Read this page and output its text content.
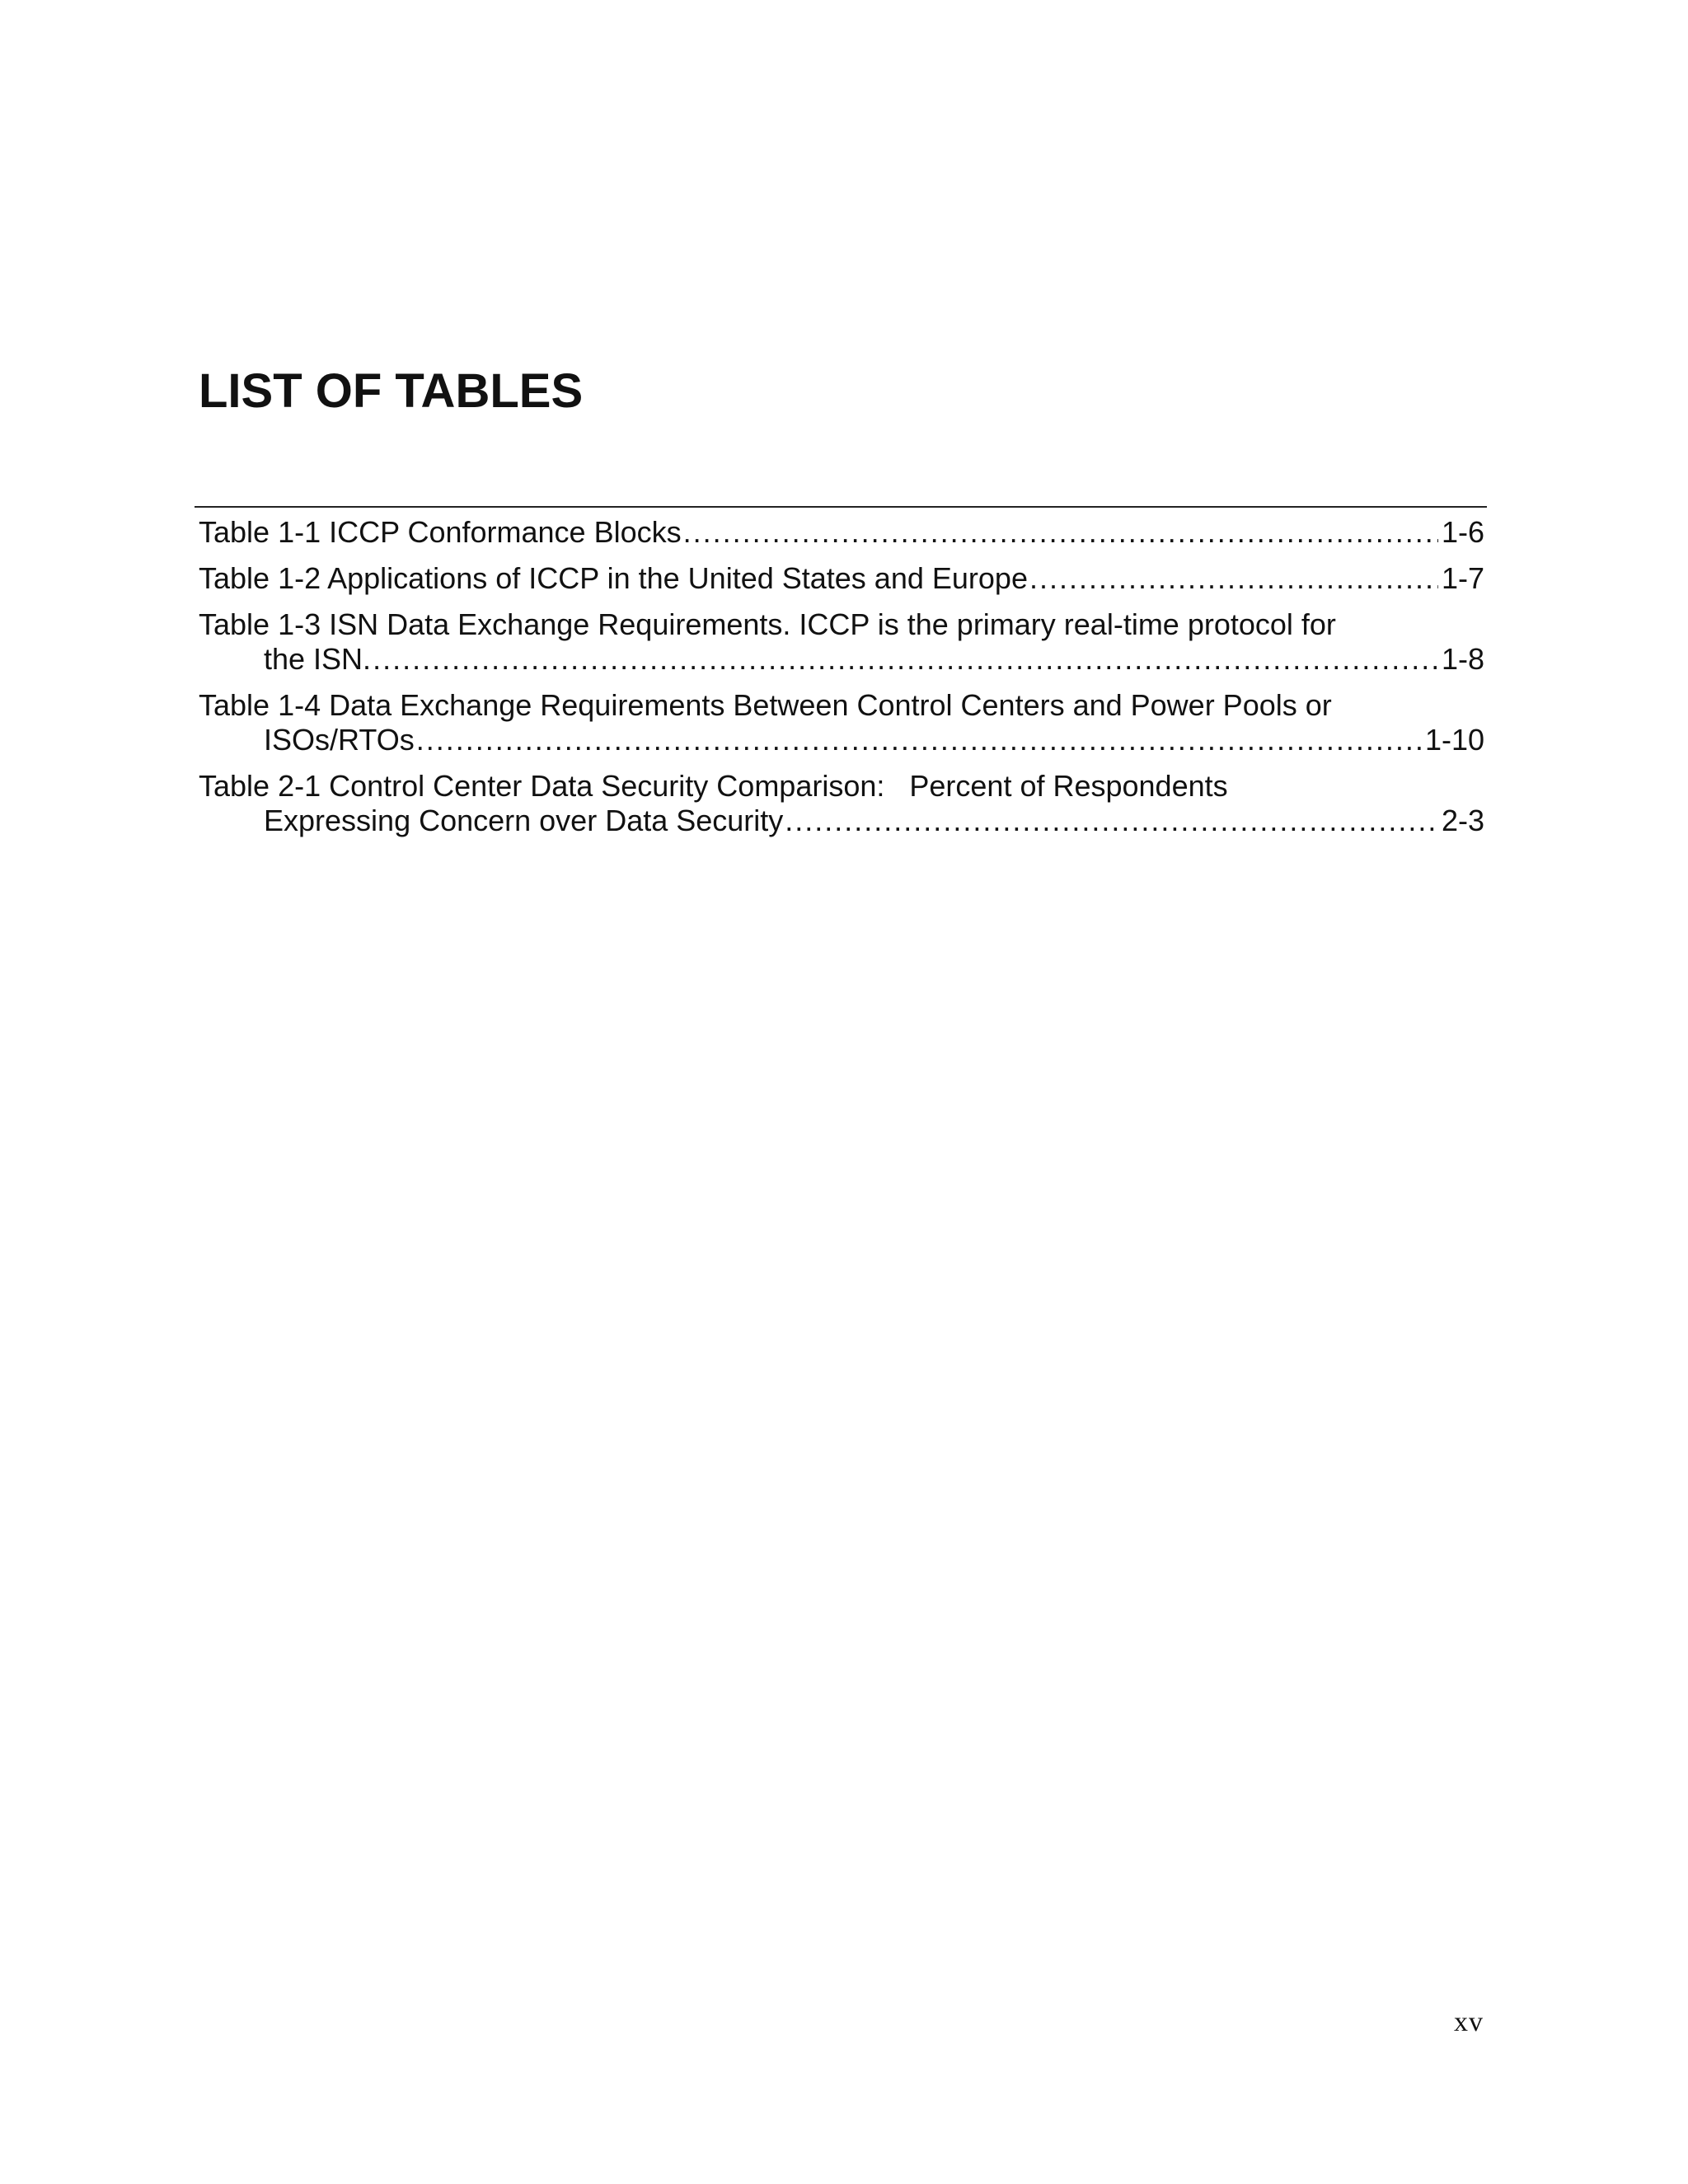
LIST OF TABLES
Table 1-1 ICCP Conformance Blocks .....	1-6
Table 1-2 Applications of ICCP in the United States and Europe .....	1-7
Table 1-3 ISN Data Exchange Requirements. ICCP is the primary real-time protocol for
the ISN. .....	1-8
Table 1-4 Data Exchange Requirements Between Control Centers and Power Pools or
ISOs/RTOs .....	1-10
Table 2-1 Control Center Data Security Comparison:   Percent of Respondents
Expressing Concern over Data Security .....	2-3
xv
